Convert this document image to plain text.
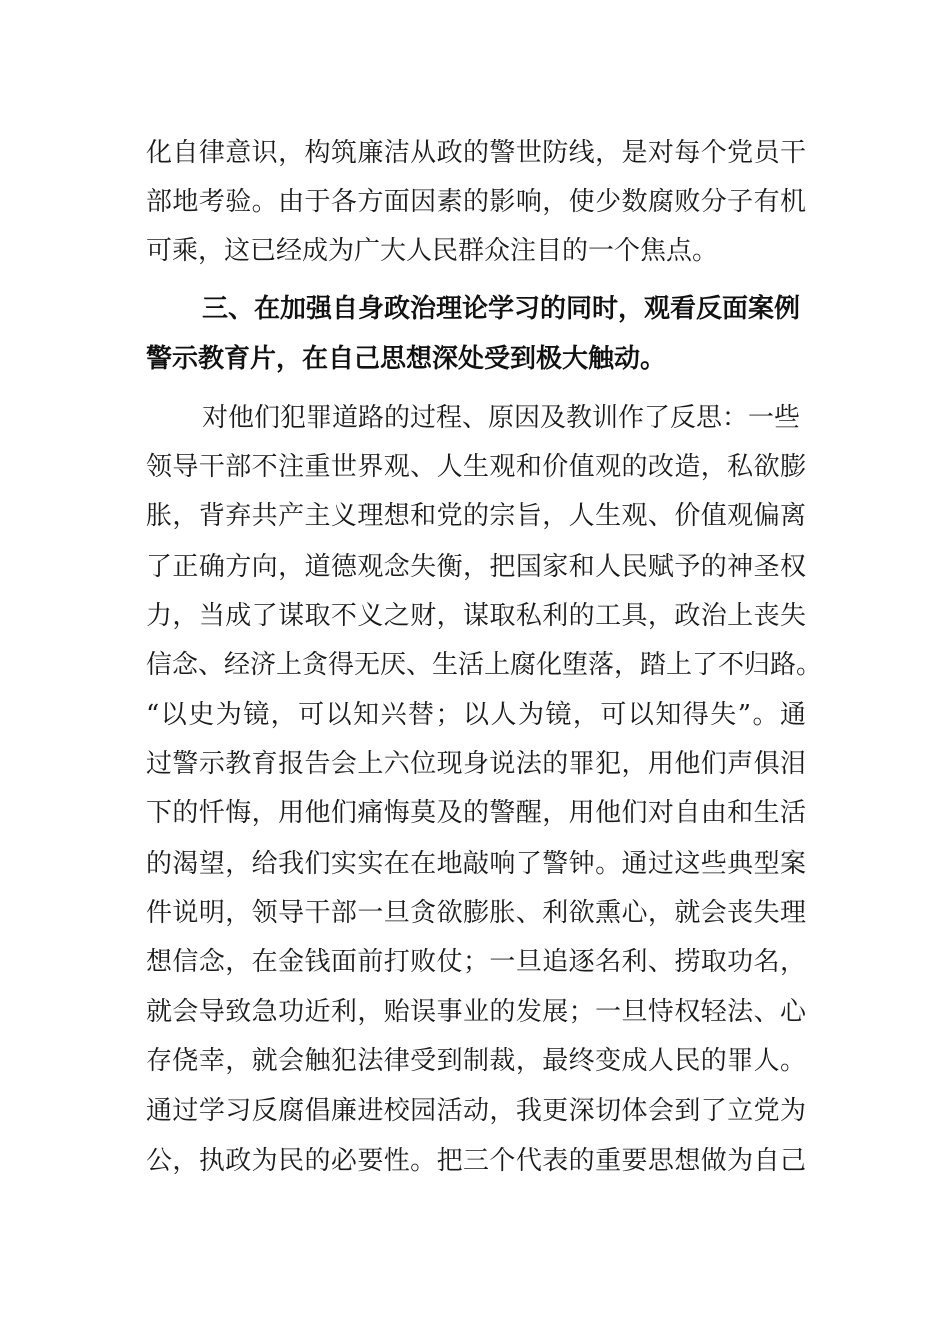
化自律意识，构筑廉洁从政的警世防线，是对每个党员干
部地考验。由于各方面因素的影响，使少数腐败分子有机
可乘，这已经成为广大人民群众注目的一个焦点。
三、在加强自身政治理论学习的同时，观看反面案例
警示教育片，在自己思想深处受到极大触动。
对他们犯罪道路的过程、原因及教训作了反思：一些
领导干部不注重世界观、人生观和价值观的改造，私欲膨
胀，背弃共产主义理想和党的宗旨，人生观、价值观偏离
了正确方向，道德观念失衡，把国家和人民赋予的神圣权
力，当成了谋取不义之财，谋取私利的工具，政治上丧失
信念、经济上贪得无厌、生活上腐化堕落，踏上了不归路。
“以史为镜，可以知兴替；以人为镜，可以知得失”。通
过警示教育报告会上六位现身说法的罪犯，用他们声俱泪
下的忏悔，用他们痛悔莫及的警醒，用他们对自由和生活
的渴望，给我们实实在在地敲响了警钟。通过这些典型案
件说明，领导干部一旦贪欲膨胀、利欲熏心，就会丧失理
想信念，在金钱面前打败仗；一旦追逐名利、捞取功名，
就会导致急功近利，贻误事业的发展；一旦恃权轻法、心
存侥幸，就会触犯法律受到制裁，最终变成人民的罪人。
通过学习反腐倡廉进校园活动，我更深切体会到了立党为
公，执政为民的必要性。把三个代表的重要思想做为自己
